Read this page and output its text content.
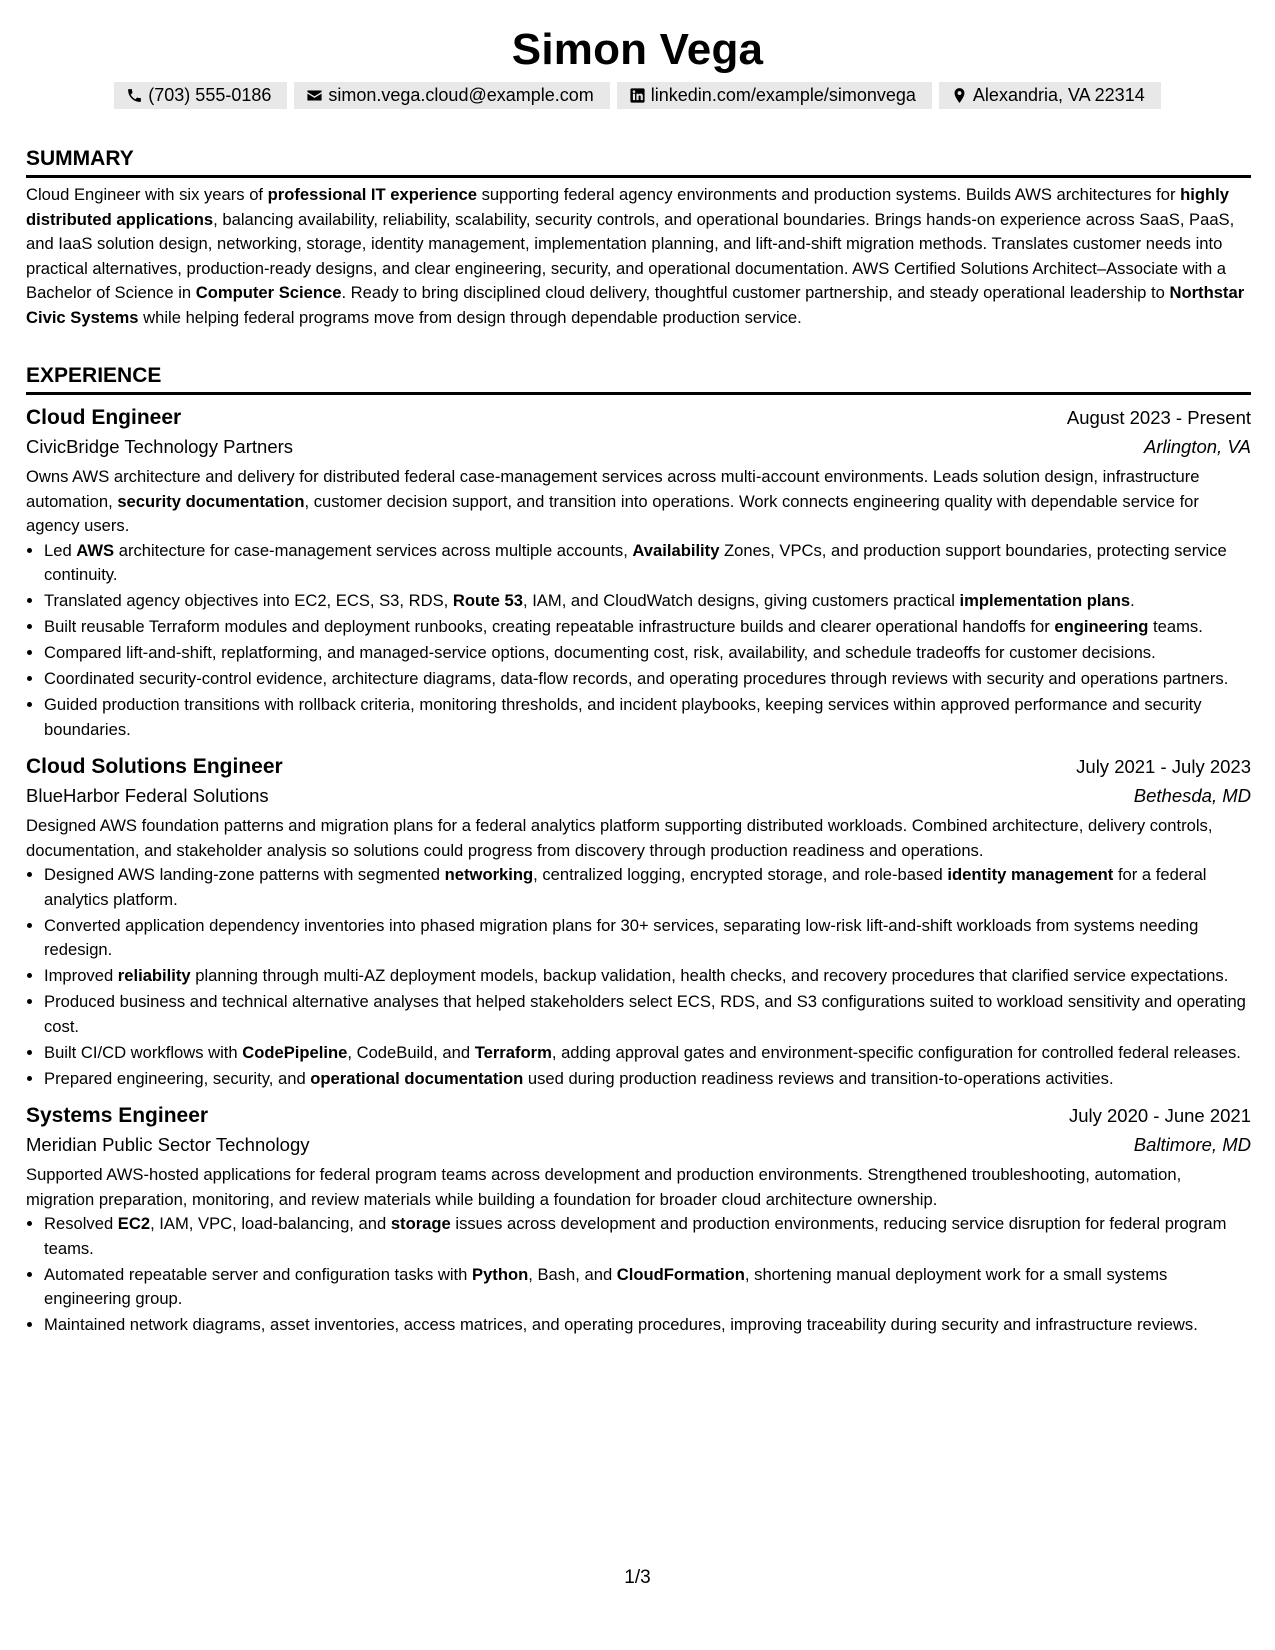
Simon Vega
(703) 555-0186	simon.vega.cloud@example.com	linkedin.com/example/simonvega	Alexandria, VA 22314
SUMMARY

Cloud Engineer with six years of professional IT experience supporting federal agency environments and production systems. Builds AWS architectures for highly distributed applications, balancing availability, reliability, scalability, security controls, and operational boundaries. Brings hands-on experience across SaaS, PaaS, and IaaS solution design, networking, storage, identity management, implementation planning, and lift-and-shift migration methods. Translates customer needs into practical alternatives, production-ready designs, and clear engineering, security, and operational documentation. AWS Certified Solutions Architect–Associate with a Bachelor of Science in Computer Science. Ready to bring disciplined cloud delivery, thoughtful customer partnership, and steady operational leadership to Northstar Civic Systems while helping federal programs move from design through dependable production service.

EXPERIENCE
Cloud Engineer	August 2023 - Present
CivicBridge Technology Partners	Arlington, VA

Owns AWS architecture and delivery for distributed federal case-management services across multi-account environments. Leads solution design, infrastructure automation, security documentation, customer decision support, and transition into operations. Work connects engineering quality with dependable service for agency users.

• Led AWS architecture for case-management services across multiple accounts, Availability Zones, VPCs, and production support boundaries, protecting service continuity.
• Translated agency objectives into EC2, ECS, S3, RDS, Route 53, IAM, and CloudWatch designs, giving customers practical implementation plans.
• Built reusable Terraform modules and deployment runbooks, creating repeatable infrastructure builds and clearer operational handoffs for engineering teams.
• Compared lift-and-shift, replatforming, and managed-service options, documenting cost, risk, availability, and schedule tradeoffs for customer decisions.
• Coordinated security-control evidence, architecture diagrams, data-flow records, and operating procedures through reviews with security and operations partners.
• Guided production transitions with rollback criteria, monitoring thresholds, and incident playbooks, keeping services within approved performance and security boundaries.
Cloud Solutions Engineer	July 2021 - July 2023
BlueHarbor Federal Solutions	Bethesda, MD

Designed AWS foundation patterns and migration plans for a federal analytics platform supporting distributed workloads. Combined architecture, delivery controls, documentation, and stakeholder analysis so solutions could progress from discovery through production readiness and operations.

• Designed AWS landing-zone patterns with segmented networking, centralized logging, encrypted storage, and role-based identity management for a federal analytics platform.
• Converted application dependency inventories into phased migration plans for 30+ services, separating low-risk lift-and-shift workloads from systems needing redesign.
• Improved reliability planning through multi-AZ deployment models, backup validation, health checks, and recovery procedures that clarified service expectations.
• Produced business and technical alternative analyses that helped stakeholders select ECS, RDS, and S3 configurations suited to workload sensitivity and operating cost.
• Built CI/CD workflows with CodePipeline, CodeBuild, and Terraform, adding approval gates and environment-specific configuration for controlled federal releases.
• Prepared engineering, security, and operational documentation used during production readiness reviews and transition-to-operations activities.
Systems Engineer	July 2020 - June 2021
Meridian Public Sector Technology	Baltimore, MD

Supported AWS-hosted applications for federal program teams across development and production environments. Strengthened troubleshooting, automation, migration preparation, monitoring, and review materials while building a foundation for broader cloud architecture ownership.

• Resolved EC2, IAM, VPC, load-balancing, and storage issues across development and production environments, reducing service disruption for federal program teams.
• Automated repeatable server and configuration tasks with Python, Bash, and CloudFormation, shortening manual deployment work for a small systems engineering group.
• Maintained network diagrams, asset inventories, access matrices, and operating procedures, improving traceability during security and infrastructure reviews.
1/3
